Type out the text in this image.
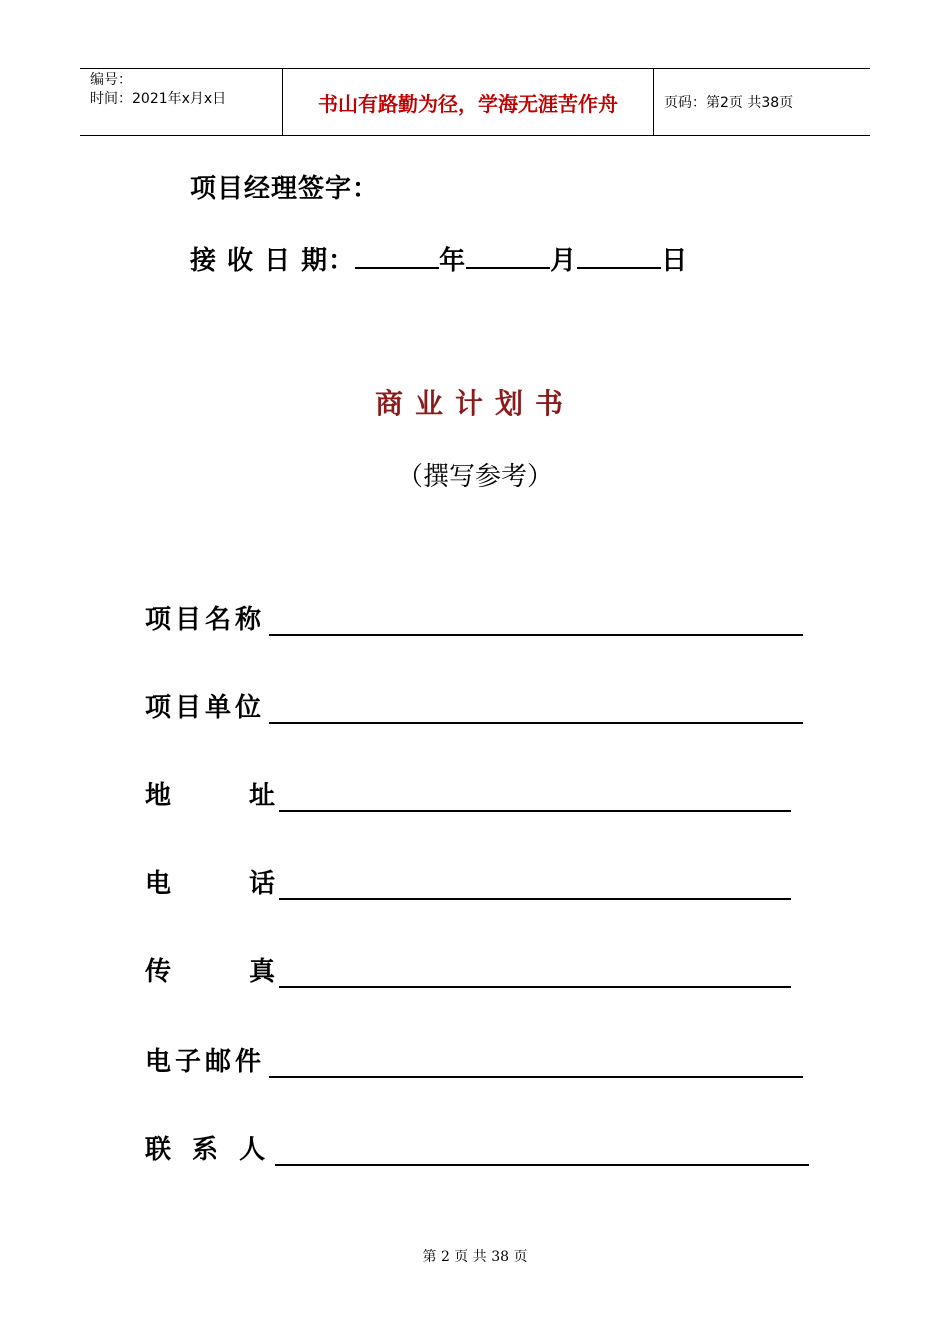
编号：
时间：2021年x月x日	书山有路勤为径，学海无涯苦作舟	页码：第2页 共38页
项目经理签字：
接 收 日 期：	年	月	日
商业计划书
（撰写参考）
项目名称
项目单位
地	址
电	话
传	真
电子邮件
联 系 人
第 2 页 共 38 页
